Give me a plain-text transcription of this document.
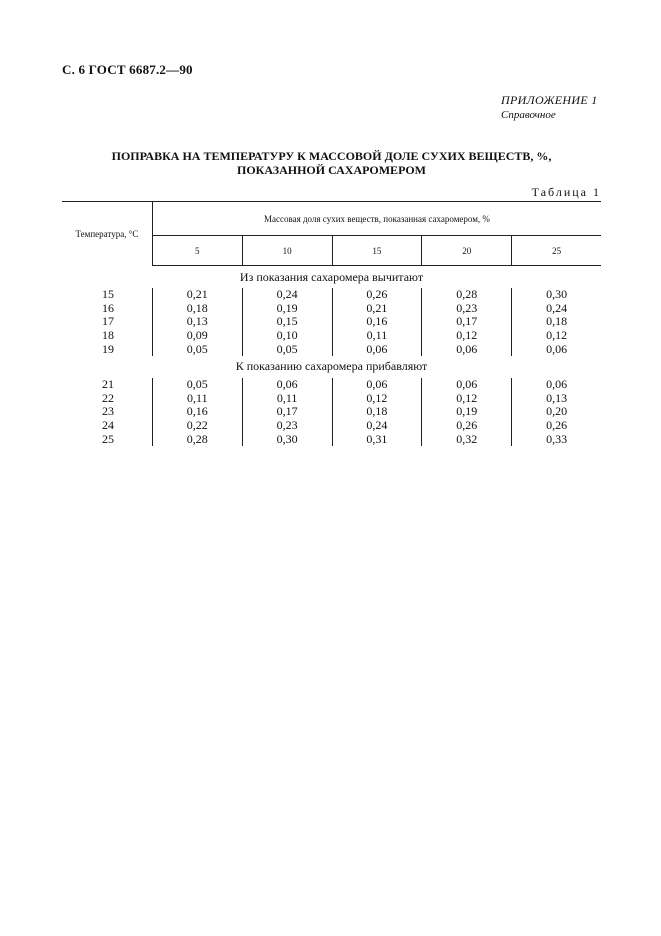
С. 6 ГОСТ 6687.2—90
ПРИЛОЖЕНИЕ 1
Справочное
ПОПРАВКА НА ТЕМПЕРАТУРУ К МАССОВОЙ ДОЛЕ СУХИХ ВЕЩЕСТВ, %,
ПОКАЗАННОЙ САХАРОМЕРОМ
Таблица 1
Температура, °С	Массовая доля сухих веществ, показанная сахаромером, %				
	5	10	15	20	25
Из показания сахаромера вычитают					
15	0,21	0,24	0,26	0,28	0,30
16	0,18	0,19	0,21	0,23	0,24
17	0,13	0,15	0,16	0,17	0,18
18	0,09	0,10	0,11	0,12	0,12
19	0,05	0,05	0,06	0,06	0,06
К показанию сахаромера прибавляют					
21	0,05	0,06	0,06	0,06	0,06
22	0,11	0,11	0,12	0,12	0,13
23	0,16	0,17	0,18	0,19	0,20
24	0,22	0,23	0,24	0,26	0,26
25	0,28	0,30	0,31	0,32	0,33
